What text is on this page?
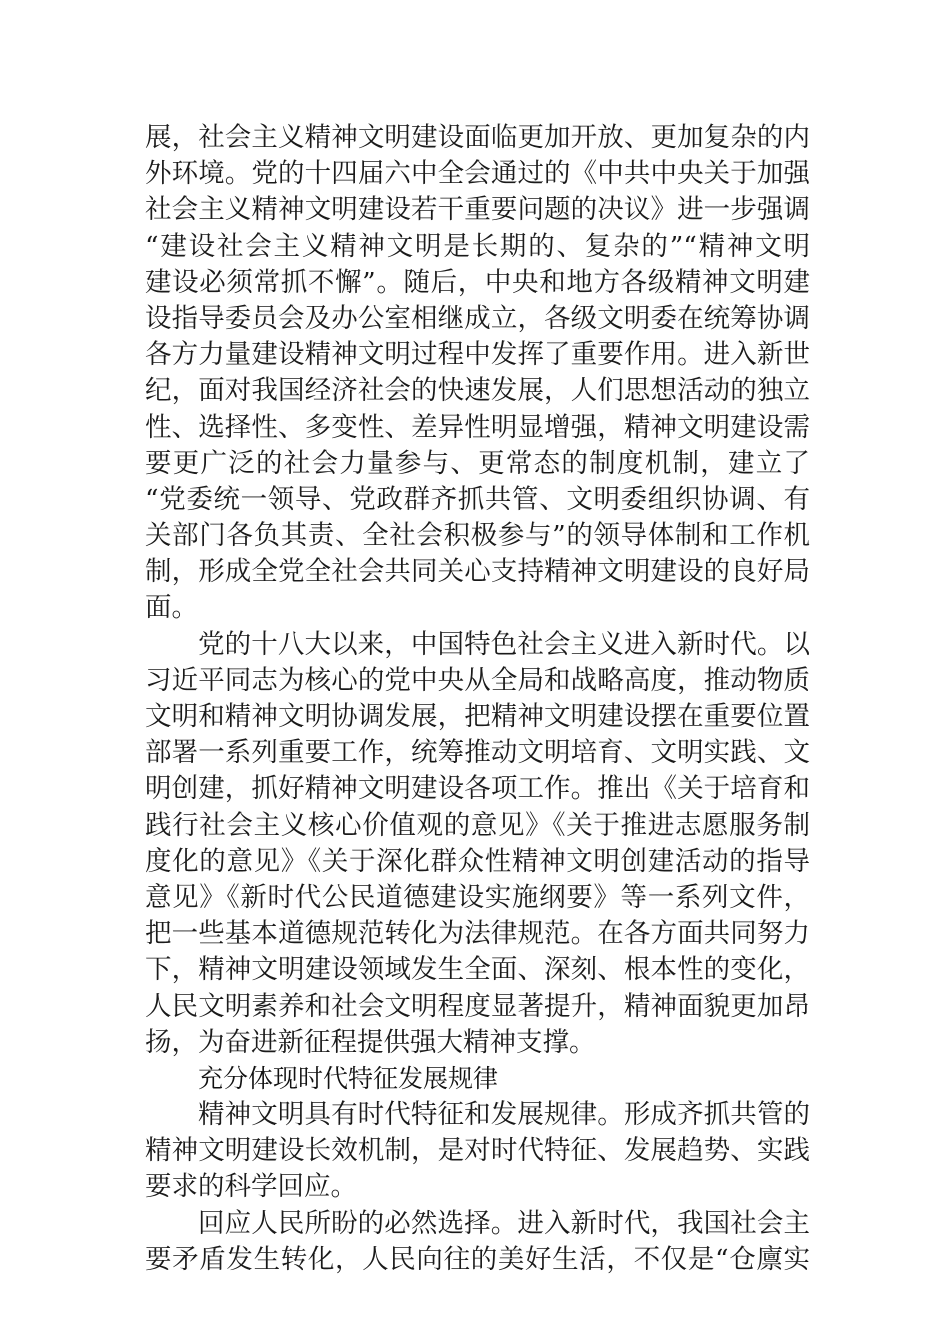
展，社会主义精神文明建设面临更加开放、更加复杂的内
外环境。党的十四届六中全会通过的《中共中央关于加强
社会主义精神文明建设若干重要问题的决议》进一步强调
“建设社会主义精神文明是长期的、复杂的”“精神文明
建设必须常抓不懈”。随后，中央和地方各级精神文明建
设指导委员会及办公室相继成立，各级文明委在统筹协调
各方力量建设精神文明过程中发挥了重要作用。进入新世
纪，面对我国经济社会的快速发展，人们思想活动的独立
性、选择性、多变性、差异性明显增强，精神文明建设需
要更广泛的社会力量参与、更常态的制度机制，建立了
“党委统一领导、党政群齐抓共管、文明委组织协调、有
关部门各负其责、全社会积极参与”的领导体制和工作机
制，形成全党全社会共同关心支持精神文明建设的良好局
面。
党的十八大以来，中国特色社会主义进入新时代。以
习近平同志为核心的党中央从全局和战略高度，推动物质
文明和精神文明协调发展，把精神文明建设摆在重要位置
部署一系列重要工作，统筹推动文明培育、文明实践、文
明创建，抓好精神文明建设各项工作。推出《关于培育和
践行社会主义核心价值观的意见》《关于推进志愿服务制
度化的意见》《关于深化群众性精神文明创建活动的指导
意见》《新时代公民道德建设实施纲要》等一系列文件，
把一些基本道德规范转化为法律规范。在各方面共同努力
下，精神文明建设领域发生全面、深刻、根本性的变化，
人民文明素养和社会文明程度显著提升，精神面貌更加昂
扬，为奋进新征程提供强大精神支撑。
充分体现时代特征发展规律
精神文明具有时代特征和发展规律。形成齐抓共管的
精神文明建设长效机制，是对时代特征、发展趋势、实践
要求的科学回应。
回应人民所盼的必然选择。进入新时代，我国社会主
要矛盾发生转化，人民向往的美好生活，不仅是“仓廪实
